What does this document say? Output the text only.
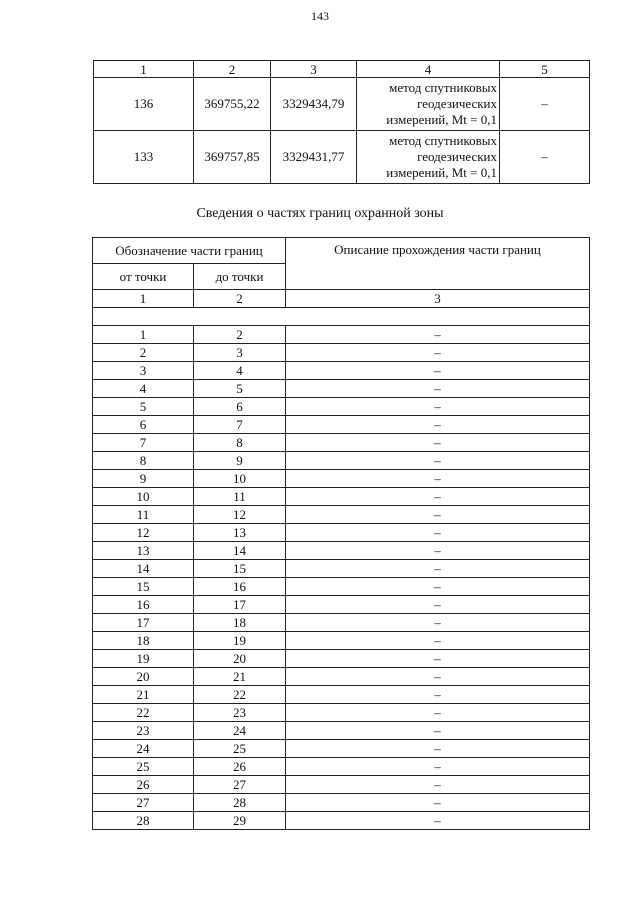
143
1	2	3	4	5
136	369755,22	3329434,79	метод спутниковых
геодезических
измерений, Mt = 0,1	–
133	369757,85	3329431,77	метод спутниковых
геодезических
измерений, Mt = 0,1	–
Сведения о частях границ охранной зоны
Обозначение части границ		Описание прохождения части границ
от точки	до точки	
1	2	3

1	2	–
2	3	–
3	4	–
4	5	–
5	6	–
6	7	–
7	8	–
8	9	–
9	10	–
10	11	–
11	12	–
12	13	–
13	14	–
14	15	–
15	16	–
16	17	–
17	18	–
18	19	–
19	20	–
20	21	–
21	22	–
22	23	–
23	24	–
24	25	–
25	26	–
26	27	–
27	28	–
28	29	–
